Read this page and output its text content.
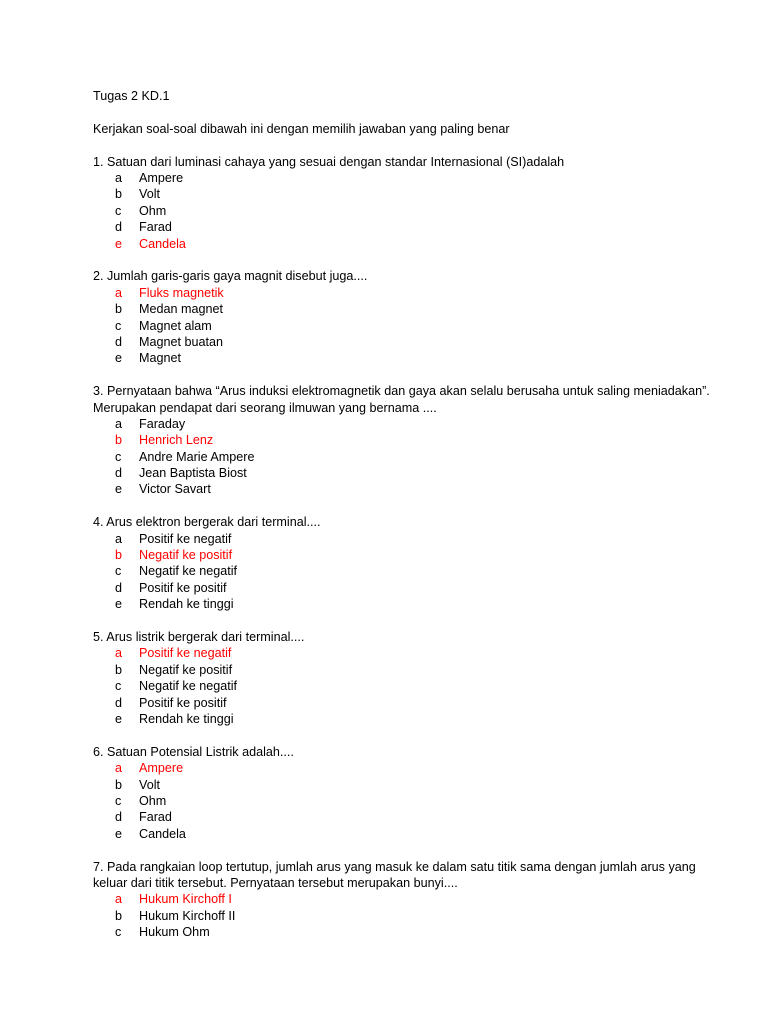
Tugas 2 KD.1
Kerjakan soal-soal dibawah ini dengan memilih jawaban yang paling benar
1. Satuan dari luminasi cahaya yang sesuai dengan standar Internasional (SI)adalah
a	Ampere
b	Volt
c	Ohm
d	Farad
e	Candela
2. Jumlah garis-garis gaya magnit disebut juga....
a	Fluks magnetik
b	Medan magnet
c	Magnet alam
d	Magnet buatan
e	Magnet
3. Pernyataan bahwa “Arus induksi elektromagnetik dan gaya akan selalu berusaha untuk saling meniadakan”. Merupakan pendapat dari seorang ilmuwan yang bernama ....
a	Faraday
b	Henrich Lenz
c	Andre Marie Ampere
d	Jean Baptista Biost
e	Victor Savart
4. Arus elektron bergerak dari terminal....
a	Positif ke negatif
b	Negatif ke positif
c	Negatif ke negatif
d	Positif ke positif
e	Rendah ke tinggi
5. Arus listrik bergerak dari terminal....
a	Positif ke negatif
b	Negatif ke positif
c	Negatif ke negatif
d	Positif ke positif
e	Rendah ke tinggi
6. Satuan Potensial Listrik adalah....
a	Ampere
b	Volt
c	Ohm
d	Farad
e	Candela
7. Pada rangkaian loop tertutup, jumlah arus yang masuk ke dalam satu titik sama dengan jumlah arus yang keluar dari titik tersebut. Pernyataan tersebut merupakan bunyi....
a	Hukum Kirchoff I
b	Hukum Kirchoff II
c	Hukum Ohm
